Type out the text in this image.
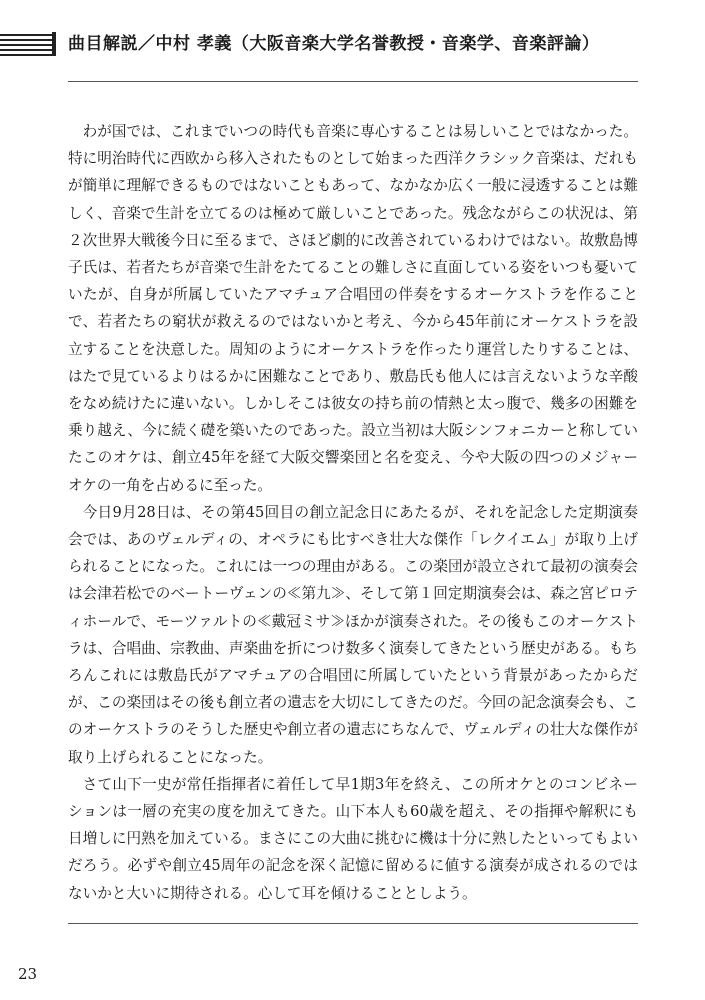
曲目解説／中村 孝義（大阪音楽大学名誉教授・音楽学、音楽評論）

わが国では、これまでいつの時代も音楽に専心することは易しいことではなかった。特に明治時代に西欧から移入されたものとして始まった西洋クラシック音楽は、だれもが簡単に理解できるものではないこともあって、なかなか広く一般に浸透することは難しく、音楽で生計を立てるのは極めて厳しいことであった。残念ながらこの状況は、第２次世界大戦後今日に至るまで、さほど劇的に改善されているわけではない。故敷島博子氏は、若者たちが音楽で生計をたてることの難しさに直面している姿をいつも憂いていたが、自身が所属していたアマチュア合唱団の伴奏をするオーケストラを作ることで、若者たちの窮状が救えるのではないかと考え、今から45年前にオーケストラを設立することを決意した。周知のようにオーケストラを作ったり運営したりすることは、はたで見ているよりはるかに困難なことであり、敷島氏も他人には言えないような辛酸をなめ続けたに違いない。しかしそこは彼女の持ち前の情熱と太っ腹で、幾多の困難を乗り越え、今に続く礎を築いたのであった。設立当初は大阪シンフォニカーと称していたこのオケは、創立45年を経て大阪交響楽団と名を変え、今や大阪の四つのメジャーオケの一角を占めるに至った。

今日9月28日は、その第45回目の創立記念日にあたるが、それを記念した定期演奏会では、あのヴェルディの、オペラにも比すべき壮大な傑作「レクイエム」が取り上げられることになった。これには一つの理由がある。この楽団が設立されて最初の演奏会は会津若松でのベートーヴェンの≪第九≫、そして第１回定期演奏会は、森之宮ピロティホールで、モーツァルトの≪戴冠ミサ≫ほかが演奏された。その後もこのオーケストラは、合唱曲、宗教曲、声楽曲を折につけ数多く演奏してきたという歴史がある。もちろんこれには敷島氏がアマチュアの合唱団に所属していたという背景があったからだが、この楽団はその後も創立者の遺志を大切にしてきたのだ。今回の記念演奏会も、このオーケストラのそうした歴史や創立者の遺志にちなんで、ヴェルディの壮大な傑作が取り上げられることになった。

さて山下一史が常任指揮者に着任して早1期3年を終え、この所オケとのコンビネーションは一層の充実の度を加えてきた。山下本人も60歳を超え、その指揮や解釈にも日増しに円熟を加えている。まさにこの大曲に挑むに機は十分に熟したといってもよいだろう。必ずや創立45周年の記念を深く記憶に留めるに値する演奏が成されるのではないかと大いに期待される。心して耳を傾けることとしよう。

23
